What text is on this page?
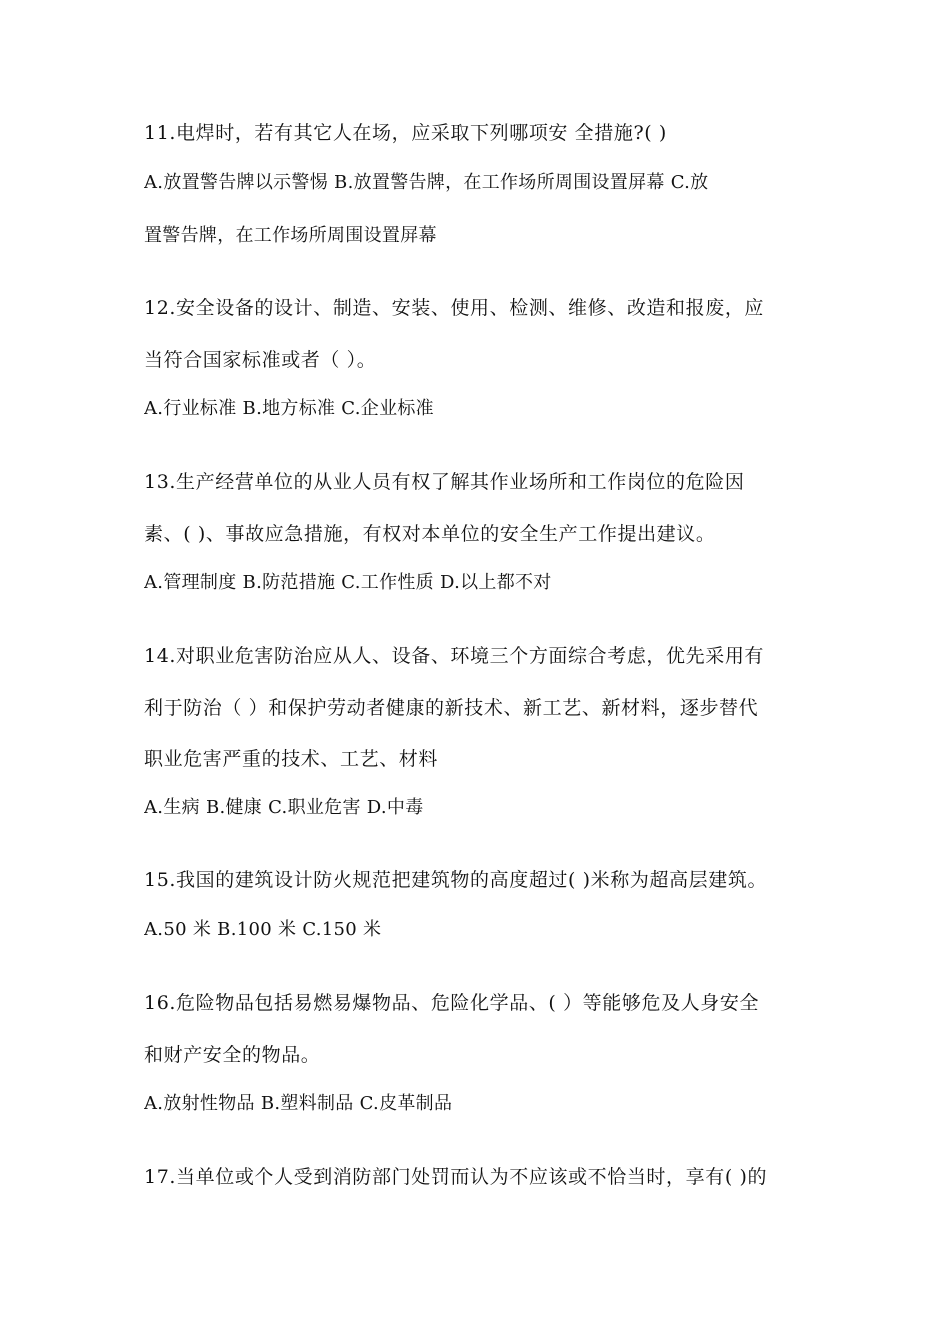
11.电焊时，若有其它人在场，应采取下列哪项安 全措施?( )
A.放置警告牌以示警惕 B.放置警告牌，在工作场所周围设置屏幕 C.放
置警告牌，在工作场所周围设置屏幕
12.安全设备的设计、制造、安装、使用、检测、维修、改造和报废，应
当符合国家标准或者（ ）。
A.行业标准 B.地方标准 C.企业标准
13.生产经营单位的从业人员有权了解其作业场所和工作岗位的危险因
素、( )、事故应急措施，有权对本单位的安全生产工作提出建议。
A.管理制度 B.防范措施 C.工作性质 D.以上都不对
14.对职业危害防治应从人、设备、环境三个方面综合考虑，优先采用有
利于防治（ ）和保护劳动者健康的新技术、新工艺、新材料，逐步替代
职业危害严重的技术、工艺、材料
A.生病 B.健康 C.职业危害 D.中毒
15.我国的建筑设计防火规范把建筑物的高度超过( )米称为超高层建筑。
A.50 米 B.100 米 C.150 米
16.危险物品包括易燃易爆物品、危险化学品、( ）等能够危及人身安全
和财产安全的物品。
A.放射性物品 B.塑料制品 C.皮革制品
17.当单位或个人受到消防部门处罚而认为不应该或不恰当时，享有( )的
